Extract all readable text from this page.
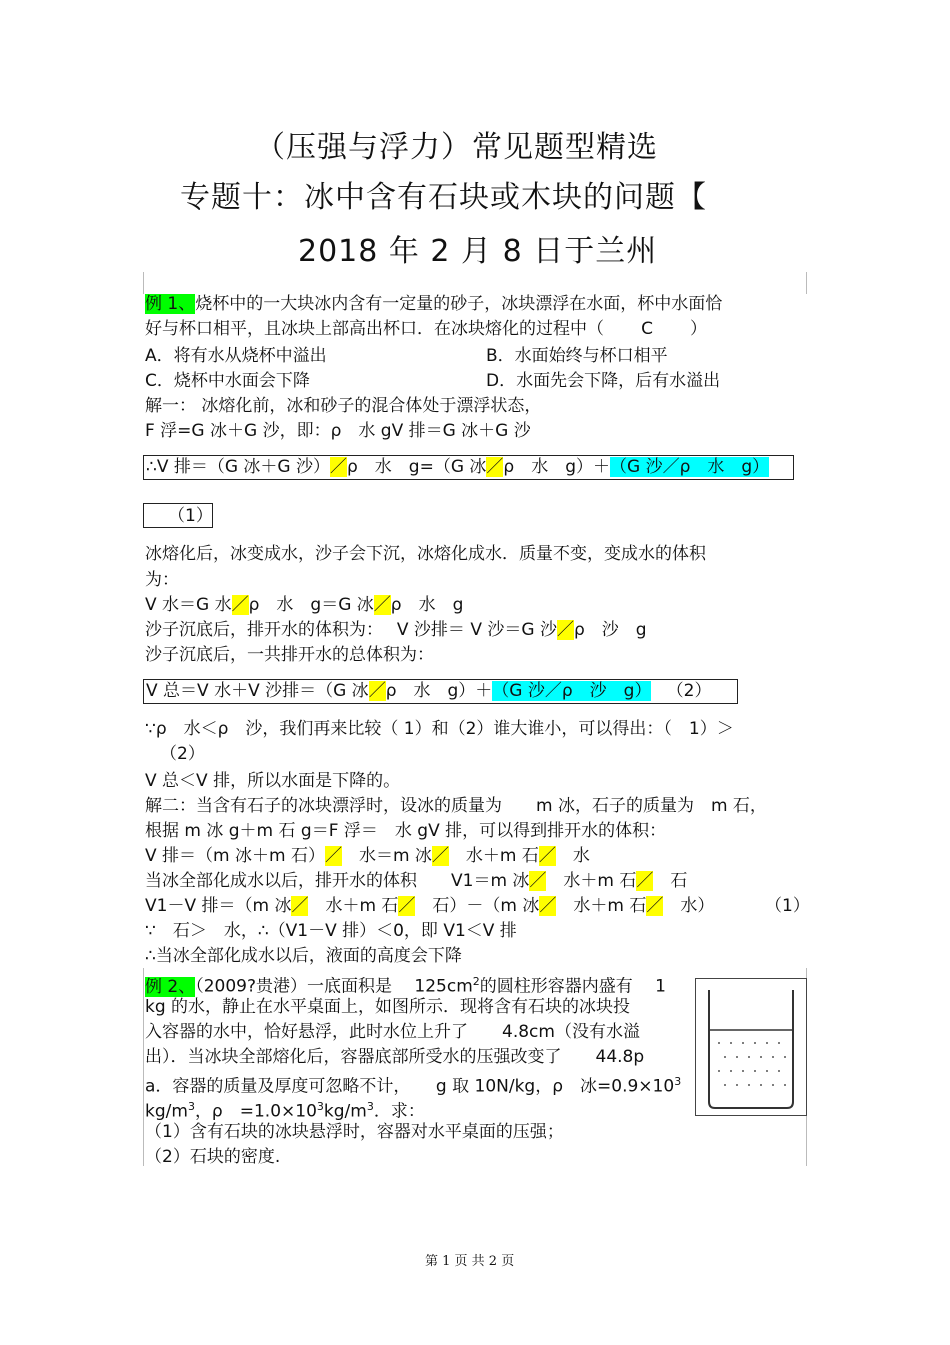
（压强与浮力）常见题型精选
专题十：冰中含有石块或木块的问题【
2018 年 2 月 8 日于兰州
例 1、烧杯中的一大块冰内含有一定量的砂子，冰块漂浮在水面，杯中水面恰
好与杯口相平，且冰块上部高出杯口．在冰块熔化的过程中（ C ）
A．将有水从烧杯中溢出	B．水面始终与杯口相平
C．烧杯中水面会下降	D．水面先会下降，后有水溢出
解一： 冰熔化前，冰和砂子的混合体处于漂浮状态，
F 浮=G 冰＋G 沙，即：ρ　水 gV 排＝G 冰＋G 沙
∴V 排＝（G 冰＋G 沙）／ρ　水　g=（G 冰／ρ　水　g）＋（G 沙／ρ　水　g）
（1）
冰熔化后，冰变成水，沙子会下沉，冰熔化成水．质量不变，变成水的体积
为：
V 水＝G 水／ρ　水　g＝G 冰／ρ　水　g
沙子沉底后，排开水的体积为：　 V 沙排＝ V 沙＝G 沙／ρ　沙　g
沙子沉底后，一共排开水的总体积为：
V 总＝V 水＋V 沙排＝（G 冰／ρ　水　g）＋（G 沙／ρ　沙　g） （2）
∵ρ　水＜ρ　沙，我们再来比较（ 1）和（2）谁大谁小，可以得出：（　1）＞
（2）
V 总＜V 排，所以水面是下降的。
解二：当含有石子的冰块漂浮时，设冰的质量为　　m 冰，石子的质量为　m 石，
根据 m 冰 g＋m 石 g＝F 浮＝　水 gV 排，可以得到排开水的体积：
V 排＝（m 冰＋m 石）／　水＝m 冰／　水＋m 石／　水
当冰全部化成水以后，排开水的体积　　V1＝m 冰／　水＋m 石／　石
V1－V 排＝（m 冰／　水＋m 石／　石）－（m 冰／　水＋m 石／　水）	（1）
∵　石＞　水，∴（V1－V 排）＜0，即 V1＜V 排
∴当冰全部化成水以后，液面的高度会下降
例 2、（2009?贵港）一底面积是　 $125cm^2$的圆柱形容器内盛有　 1
kg 的水，静止在水平桌面上，如图所示．现将含有石块的冰块投
入容器的水中，恰好悬浮，此时水位上升了　　4.8cm（没有水溢
出）．当冰块全部熔化后，容器底部所受水的压强改变了　　44.8p
a．容器的质量及厚度可忽略不计，　　g 取 10N/kg，ρ　冰$=0.9\times 10^3$
$kg/m^3$，ρ　$=1.0\times 10^3kg/m^3$．求：
（1）含有石块的冰块悬浮时，容器对水平桌面的压强；
（2）石块的密度.
第 1 页 共 2 页
